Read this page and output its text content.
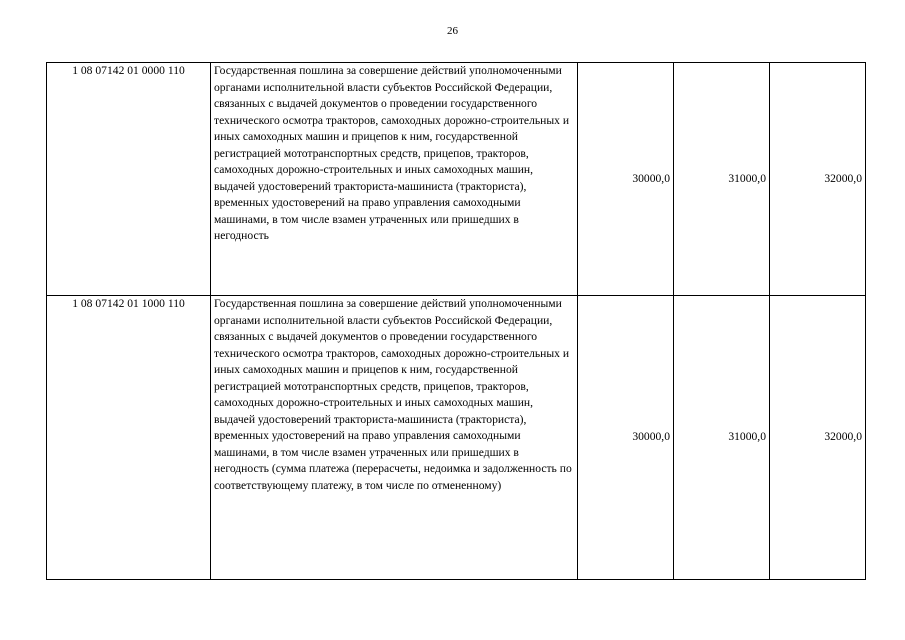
26
1 08 07142 01 0000 110	Государственная пошлина за совершение действий уполномоченными органами исполнительной власти субъектов Российской Федерации, связанных с выдачей документов о проведении государственного технического осмотра тракторов, самоходных дорожно-строительных и иных самоходных машин и прицепов к ним, государственной регистрацией мототранспортных средств, прицепов, тракторов, самоходных дорожно-строительных и иных самоходных машин, выдачей удостоверений тракториста-машиниста (тракториста), временных удостоверений на право управления самоходными машинами, в том числе взамен утраченных или пришедших в негодность	30000,0	31000,0	32000,0
1 08 07142 01 1000 110	Государственная пошлина за совершение действий уполномоченными органами исполнительной власти субъектов Российской Федерации, связанных с выдачей документов о проведении государственного технического осмотра тракторов, самоходных дорожно-строительных и иных самоходных машин и прицепов к ним, государственной регистрацией мототранспортных средств, прицепов, тракторов, самоходных дорожно-строительных и иных самоходных машин, выдачей удостоверений тракториста-машиниста (тракториста), временных удостоверений на право управления самоходными машинами, в том числе взамен утраченных или пришедших в негодность (сумма платежа (перерасчеты, недоимка и задолженность по соответствующему платежу, в том числе по отмененному)	30000,0	31000,0	32000,0
